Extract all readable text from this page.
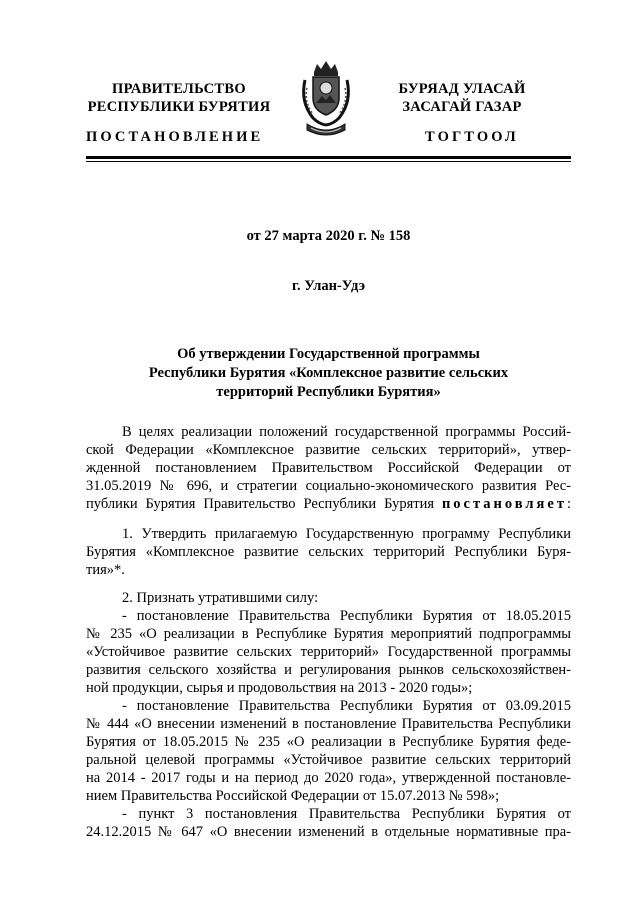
ПРАВИТЕЛЬСТВО
РЕСПУБЛИКИ БУРЯТИЯ
БУРЯАД УЛАСАЙ
ЗАСАГАЙ ГАЗАР
ПОСТАНОВЛЕНИЕ	ТОГТООЛ
от 27 марта 2020 г. № 158
г. Улан-Удэ
Об утверждении Государственной программы
Республики Бурятия «Комплексное развитие сельских
территорий Республики Бурятия»
В целях реализации положений государственной программы Россий-
ской Федерации «Комплексное развитие сельских территорий», утвер-
жденной постановлением Правительством Российской Федерации от
31.05.2019 № 696, и стратегии социально-экономического развития Рес-
публики Бурятия Правительство Республики Бурятия постановляет:
1. Утвердить прилагаемую Государственную программу Республики
Бурятия «Комплексное развитие сельских территорий Республики Буря-
тия»*.
2. Признать утратившими силу:
- постановление Правительства Республики Бурятия от 18.05.2015
№ 235 «О реализации в Республике Бурятия мероприятий подпрограммы
«Устойчивое развитие сельских территорий» Государственной программы
развития сельского хозяйства и регулирования рынков сельскохозяйствен-
ной продукции, сырья и продовольствия на 2013 - 2020 годы»;
- постановление Правительства Республики Бурятия от 03.09.2015
№ 444 «О внесении изменений в постановление Правительства Республики
Бурятия от 18.05.2015 № 235 «О реализации в Республике Бурятия феде-
ральной целевой программы «Устойчивое развитие сельских территорий
на 2014 - 2017 годы и на период до 2020 года», утвержденной постановле-
нием Правительства Российской Федерации от 15.07.2013 № 598»;
- пункт 3 постановления Правительства Республики Бурятия от
24.12.2015 № 647 «О внесении изменений в отдельные нормативные пра-
